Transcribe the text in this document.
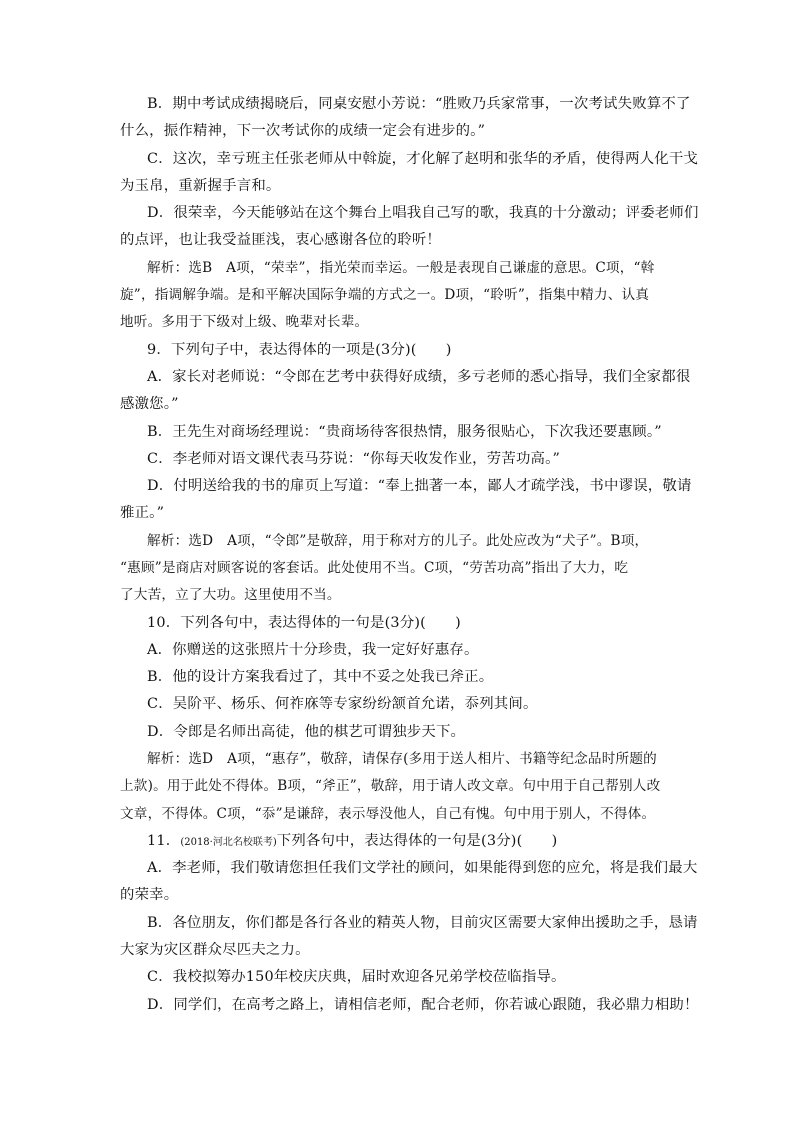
B．期中考试成绩揭晓后，同桌安慰小芳说：“胜败乃兵家常事，一次考试失败算不了
什么，振作精神，下一次考试你的成绩一定会有进步的。”
C．这次，幸亏班主任张老师从中斡旋，才化解了赵明和张华的矛盾，使得两人化干戈
为玉帛，重新握手言和。
D．很荣幸，今天能够站在这个舞台上唱我自己写的歌，我真的十分激动；评委老师们
的点评，也让我受益匪浅，衷心感谢各位的聆听！
解析：选B　A项，“荣幸”，指光荣而幸运。一般是表现自己谦虚的意思。C项，“斡
旋”，指调解争端。是和平解决国际争端的方式之一。D项，“聆听”，指集中精力、认真
地听。多用于下级对上级、晚辈对长辈。
9．下列句子中，表达得体的一项是(3分)(　　)
A．家长对老师说：“令郎在艺考中获得好成绩，多亏老师的悉心指导，我们全家都很
感激您。”
B．王先生对商场经理说：“贵商场待客很热情，服务很贴心，下次我还要惠顾。”
C．李老师对语文课代表马芬说：“你每天收发作业，劳苦功高。”
D．付明送给我的书的扉页上写道：“奉上拙著一本，鄙人才疏学浅，书中谬误，敬请
雅正。”
解析：选D　A项，“令郎”是敬辞，用于称对方的儿子。此处应改为“犬子”。B项，
“惠顾”是商店对顾客说的客套话。此处使用不当。C项，“劳苦功高”指出了大力，吃
了大苦，立了大功。这里使用不当。
10．下列各句中，表达得体的一句是(3分)(　　)
A．你赠送的这张照片十分珍贵，我一定好好惠存。
B．他的设计方案我看过了，其中不妥之处我已斧正。
C．吴阶平、杨乐、何祚庥等专家纷纷颔首允诺，忝列其间。
D．令郎是名师出高徒，他的棋艺可谓独步天下。
解析：选D　A项，“惠存”，敬辞，请保存(多用于送人相片、书籍等纪念品时所题的
上款)。用于此处不得体。B项，“斧正”，敬辞，用于请人改文章。句中用于自己帮别人改
文章，不得体。C项，“忝”是谦辞，表示辱没他人，自己有愧。句中用于别人，不得体。
11．(2018·河北名校联考)下列各句中，表达得体的一句是(3分)(　　)
A．李老师，我们敬请您担任我们文学社的顾问，如果能得到您的应允，将是我们最大
的荣幸。
B．各位朋友，你们都是各行各业的精英人物，目前灾区需要大家伸出援助之手，恳请
大家为灾区群众尽匹夫之力。
C．我校拟筹办150年校庆庆典，届时欢迎各兄弟学校莅临指导。
D．同学们，在高考之路上，请相信老师，配合老师，你若诚心跟随，我必鼎力相助！
